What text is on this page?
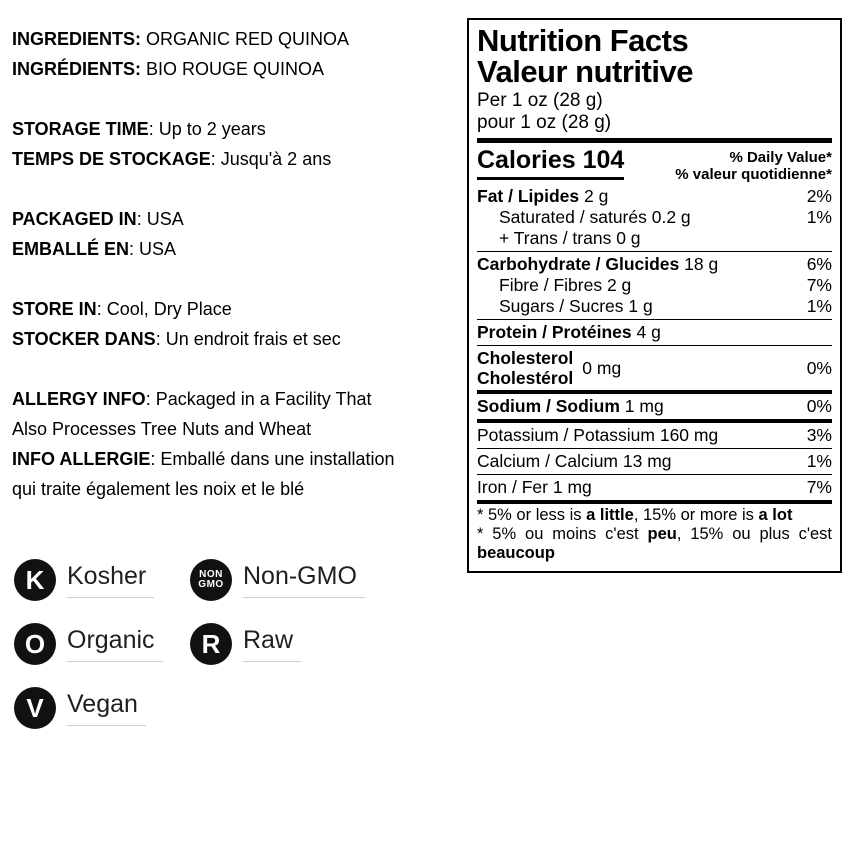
INGREDIENTS: ORGANIC RED QUINOA
INGRÉDIENTS: BIO ROUGE QUINOA
STORAGE TIME: Up to 2 years
TEMPS DE STOCKAGE: Jusqu'à 2 ans
PACKAGED IN: USA
EMBALLÉ EN: USA
STORE IN: Cool, Dry Place
STOCKER DANS: Un endroit frais et sec
ALLERGY INFO: Packaged in a Facility That
Also Processes Tree Nuts and Wheat
INFO ALLERGIE: Emballé dans une installation
qui traite également les noix et le blé
K Kosher	NON
GMO Non-GMO
O Organic	R Raw
V Vegan
Nutrition Facts
Valeur nutritive
Per 1 oz (28 g)
pour 1 oz (28 g)
Calories 104	% Daily Value*
% valeur quotidienne*
Fat / Lipides 2 g	2%
Saturated / saturés 0.2 g	1%
+ Trans / trans 0 g
Carbohydrate / Glucides 18 g	6%
Fibre / Fibres 2 g	7%
Sugars / Sucres 1 g	1%
Protein / Protéines 4 g
Cholesterol
Cholestérol 0 mg	0%
Sodium / Sodium 1 mg	0%
Potassium / Potassium 160 mg	3%
Calcium / Calcium 13 mg	1%
Iron / Fer 1 mg	7%
* 5% or less is a little, 15% or more is a lot
* 5% ou moins c'est peu, 15% ou plus c'est beaucoup
